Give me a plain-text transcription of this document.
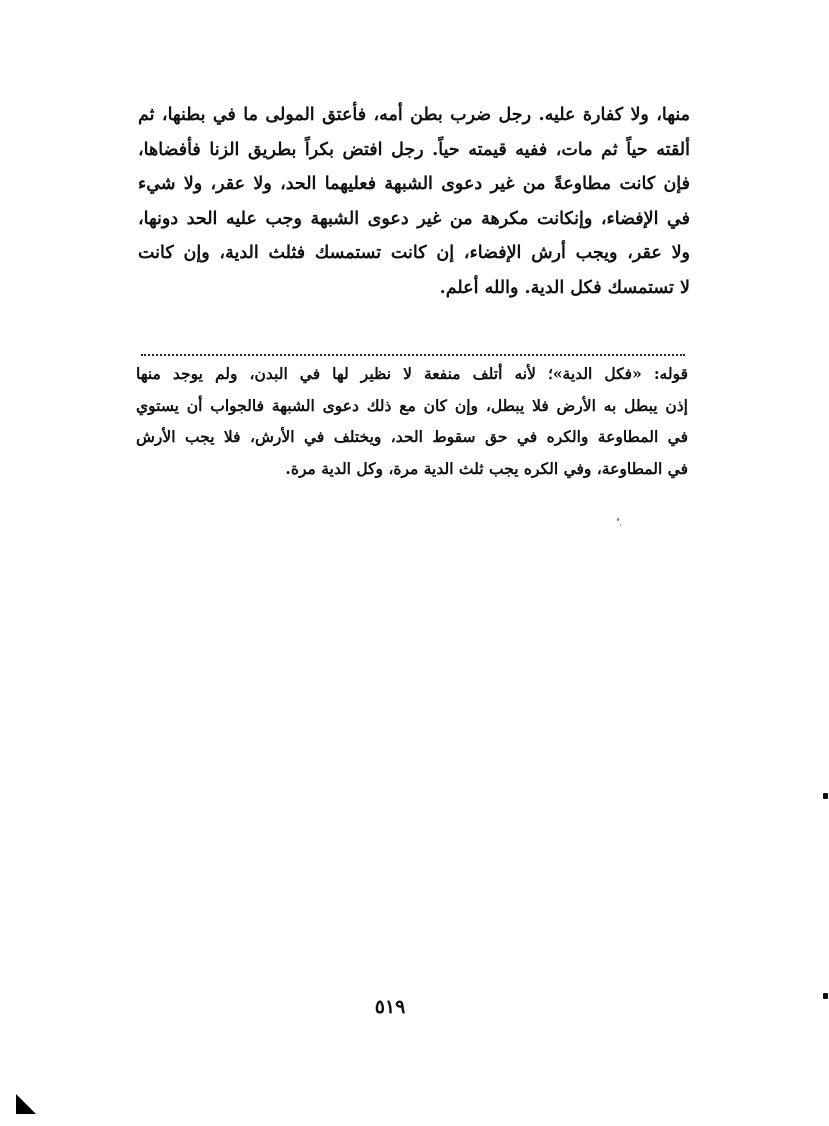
منها، ولا كفارة عليه. رجل ضرب بطن أمه، فأعتق المولى ما في بطنها، ثم
ألقته حياً ثم مات، ففيه قيمته حياً. رجل افتض بكراً بطريق الزنا فأفضاها،
فإن كانت مطاوعةً من غير دعوى الشبهة فعليهما الحد، ولا عقر، ولا شيء
في الإفضاء، وإنكانت مكرهة من غير دعوى الشبهة وجب عليه الحد دونها،
ولا عقر، ويجب أرش الإفضاء، إن كانت تستمسك فثلث الدية، وإن كانت
لا تستمسك فكل الدية. والله أعلم.
قوله: «فكل الدية»؛ لأنه أتلف منفعة لا نظير لها في البدن، ولم يوجد منها
إذن يبطل به الأرض فلا يبطل، وإن كان مع ذلك دعوى الشبهة فالجواب أن يستوي
في المطاوعة والكره في حق سقوط الحد، ويختلف في الأرش، فلا يجب الأرش
في المطاوعة، وفي الكره يجب ثلث الدية مرة، وكل الدية مرة.
٥١٩
